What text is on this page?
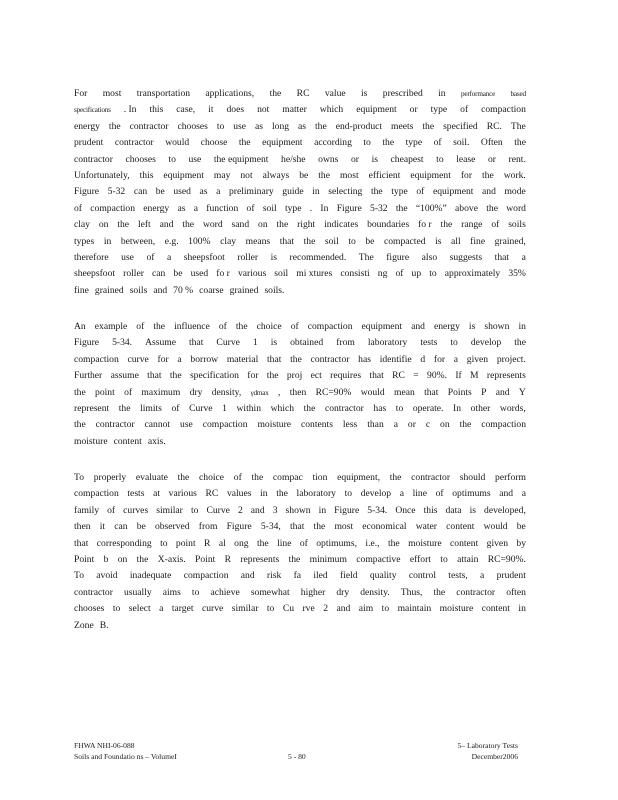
For most transportation applications, the RC value is prescribed in performance based
specifications . In this case, it does not matter which equipment or type of compaction
energy the contractor chooses to use as long as the end-product meets the specified RC. The
prudent contractor would choose the equipment according to the type of soil. Often the
contractor chooses to use the equipment he/she owns or is cheapest to lease or rent.
Unfortunately, this equipment may not always be the most efficient equipment for the work.
Figure 5-32 can be used as a preliminary guide in selecting the type of equipment and mode
of compaction energy as a function of soil type . In Figure 5-32 the “100%” above the word
clay on the left and the word sand on the right indicates boundaries fo r the range of soils
types in between, e.g. 100% clay means that the soil to be compacted is all fine grained,
therefore use of a sheepsfoot roller is recommended. The figure also suggests that a
sheepsfoot roller can be used fo r various soil mi xtures consisti ng of up to approximately 35%
fine grained soils and 70 % coarse grained soils.
An example of the influence of the choice of compaction equipment and energy is shown in
Figure 5-34. Assume that Curve 1 is obtained from laboratory tests to develop the
compaction curve for a borrow material that the contractor has identifie d for a given project.
Further assume that the specification for the proj ect requires that RC = 90%. If M represents
the point of maximum dry density, γdmax , then RC=90% would mean that Points P and Y
represent the limits of Curve 1 within which the contractor has to operate. In other words,
the contractor cannot use compaction moisture contents less than a or c on the compaction
moisture content axis.
To properly evaluate the choice of the compac tion equipment, the contractor should perform
compaction tests at various RC values in the laboratory to develop a line of optimums and a
family of curves similar to Curve 2 and 3 shown in Figure 5-34. Once this data is developed,
then it can be observed from Figure 5-34, that the most economical water content would be
that corresponding to point R al ong the line of optimums, i.e., the moisture content given by
Point b on the X-axis. Point R represents the minimum compactive effort to attain RC=90%.
To avoid inadequate compaction and risk fa iled field quality control tests, a prudent
contractor usually aims to achieve somewhat higher dry density. Thus, the contractor often
chooses to select a target curve similar to Cu rve 2 and aim to maintain moisture content in
Zone B.
FHWA NHI-06-088
Soils and Foundatio ns – VolumeI	5 - 80
5– Laboratory Tests
December2006
